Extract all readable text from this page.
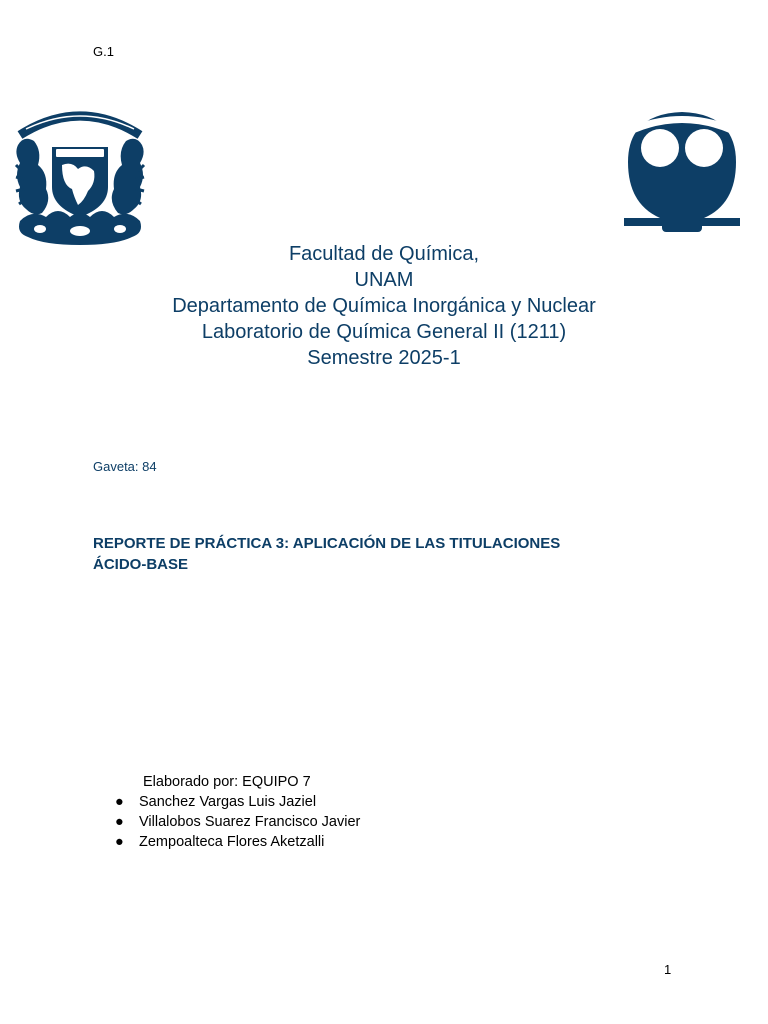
G.1
Facultad de Química,
UNAM
Departamento de Química Inorgánica y Nuclear
Laboratorio de Química General II (1211)
Semestre 2025-1
Gaveta: 84
REPORTE DE PRÁCTICA 3: APLICACIÓN DE LAS TITULACIONES
ÁCIDO-BASE
Elaborado por: EQUIPO 7
● Sanchez Vargas Luis Jaziel
● Villalobos Suarez Francisco Javier
● Zempoalteca Flores Aketzalli
1
